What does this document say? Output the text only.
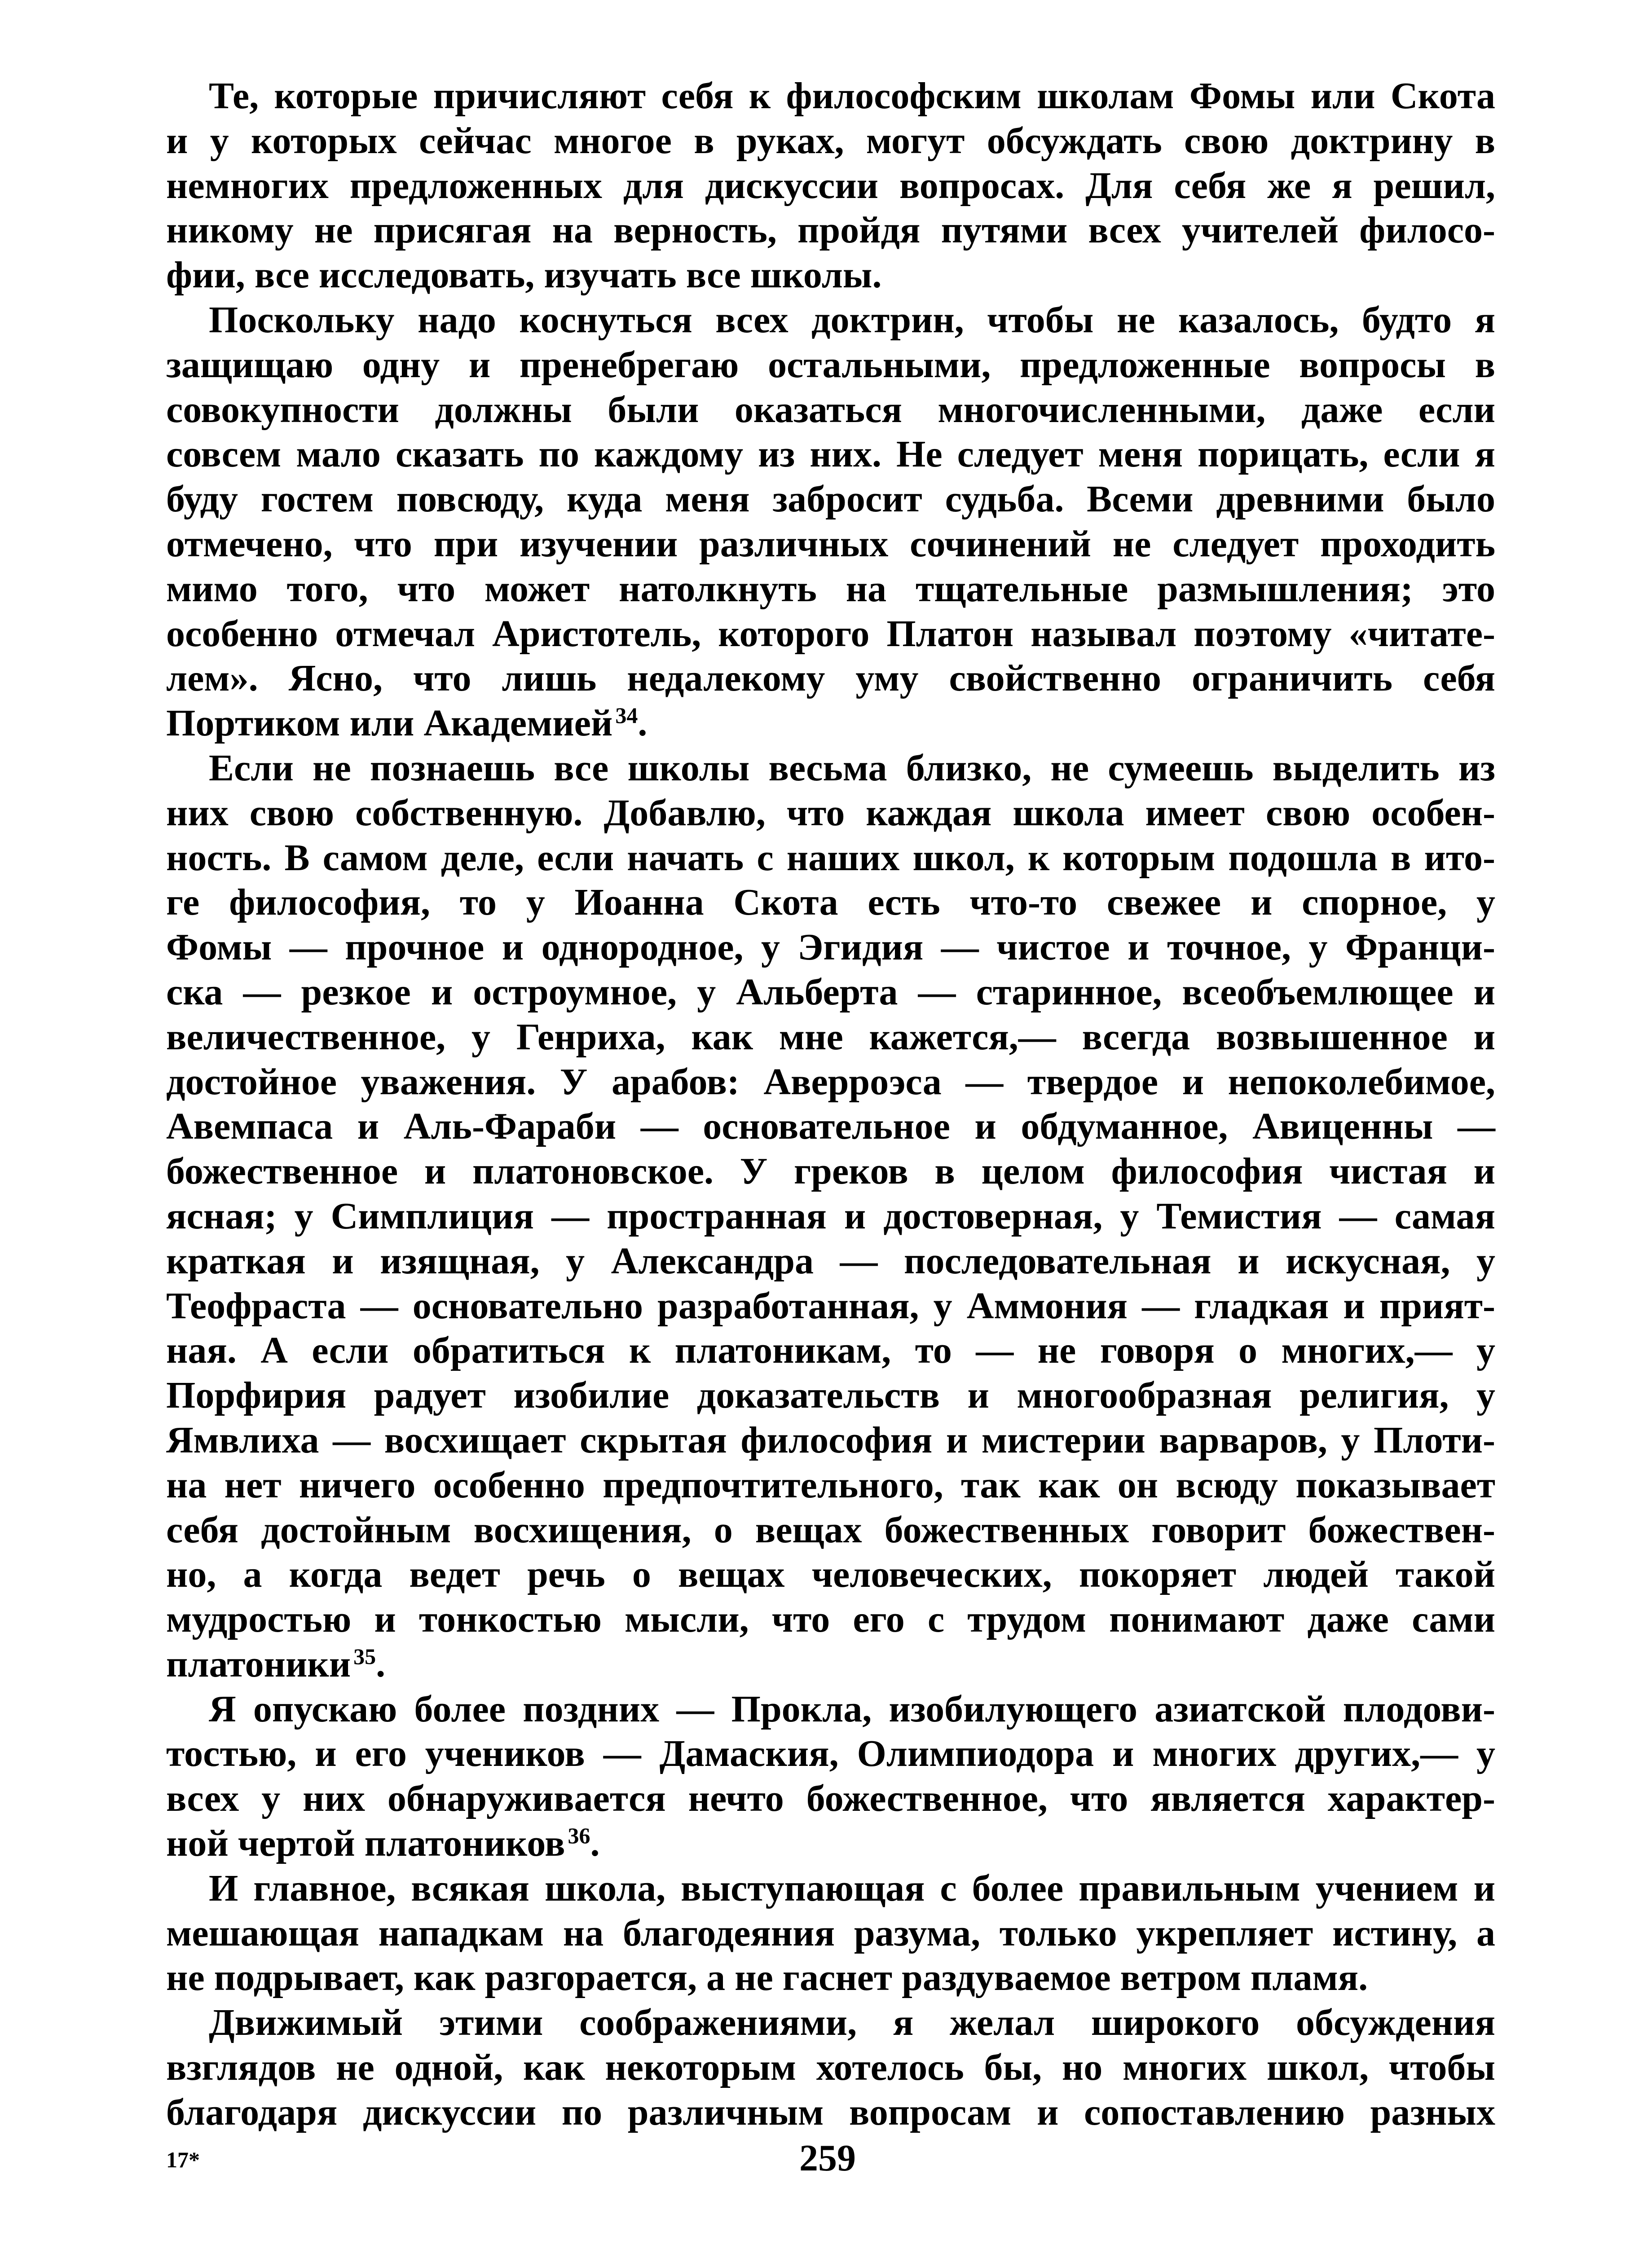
Те, которые причисляют себя к философским школам Фомы или Скота
и у которых сейчас многое в руках, могут обсуждать свою доктрину в
немногих предложенных для дискуссии вопросах. Для себя же я решил,
никому не присягая на верность, пройдя путями всех учителей филосо-
фии, все исследовать, изучать все школы.
Поскольку надо коснуться всех доктрин, чтобы не казалось, будто я
защищаю одну и пренебрегаю остальными, предложенные вопросы в
совокупности должны были оказаться многочисленными, даже если
совсем мало сказать по каждому из них. Не следует меня порицать, если я
буду гостем повсюду, куда меня забросит судьба. Всеми древними было
отмечено, что при изучении различных сочинений не следует проходить
мимо того, что может натолкнуть на тщательные размышления; это
особенно отмечал Аристотель, которого Платон называл поэтому «читате-
лем». Ясно, что лишь недалекому уму свойственно ограничить себя
Портиком или Академией $^{34}$.
Если не познаешь все школы весьма близко, не сумеешь выделить из
них свою собственную. Добавлю, что каждая школа имеет свою особен-
ность. В самом деле, если начать с наших школ, к которым подошла в ито-
ге философия, то у Иоанна Скота есть что-то свежее и спорное, у
Фомы — прочное и однородное, у Эгидия — чистое и точное, у Франци-
ска — резкое и остроумное, у Альберта — старинное, всеобъемлющее и
величественное, у Генриха, как мне кажется,— всегда возвышенное и
достойное уважения. У арабов: Аверроэса — твердое и непоколебимое,
Авемпаса и Аль-Фараби — основательное и обдуманное, Авиценны —
божественное и платоновское. У греков в целом философия чистая и
ясная; у Симплиция — пространная и достоверная, у Темистия — самая
краткая и изящная, у Александра — последовательная и искусная, у
Теофраста — основательно разработанная, у Аммония — гладкая и прият-
ная. А если обратиться к платоникам, то — не говоря о многих,— у
Порфирия радует изобилие доказательств и многообразная религия, у
Ямвлиха — восхищает скрытая философия и мистерии варваров, у Плоти-
на нет ничего особенно предпочтительного, так как он всюду показывает
себя достойным восхищения, о вещах божественных говорит божествен-
но, а когда ведет речь о вещах человеческих, покоряет людей такой
мудростью и тонкостью мысли, что его с трудом понимают даже сами
платоники $^{35}$.
Я опускаю более поздних — Прокла, изобилующего азиатской плодови-
тостью, и его учеников — Дамаския, Олимпиодора и многих других,— у
всех у них обнаруживается нечто божественное, что является характер-
ной чертой платоников $^{36}$.
И главное, всякая школа, выступающая с более правильным учением и
мешающая нападкам на благодеяния разума, только укрепляет истину, а
не подрывает, как разгорается, а не гаснет раздуваемое ветром пламя.
Движимый этими соображениями, я желал широкого обсуждения
взглядов не одной, как некоторым хотелось бы, но многих школ, чтобы
благодаря дискуссии по различным вопросам и сопоставлению разных
17*	259
